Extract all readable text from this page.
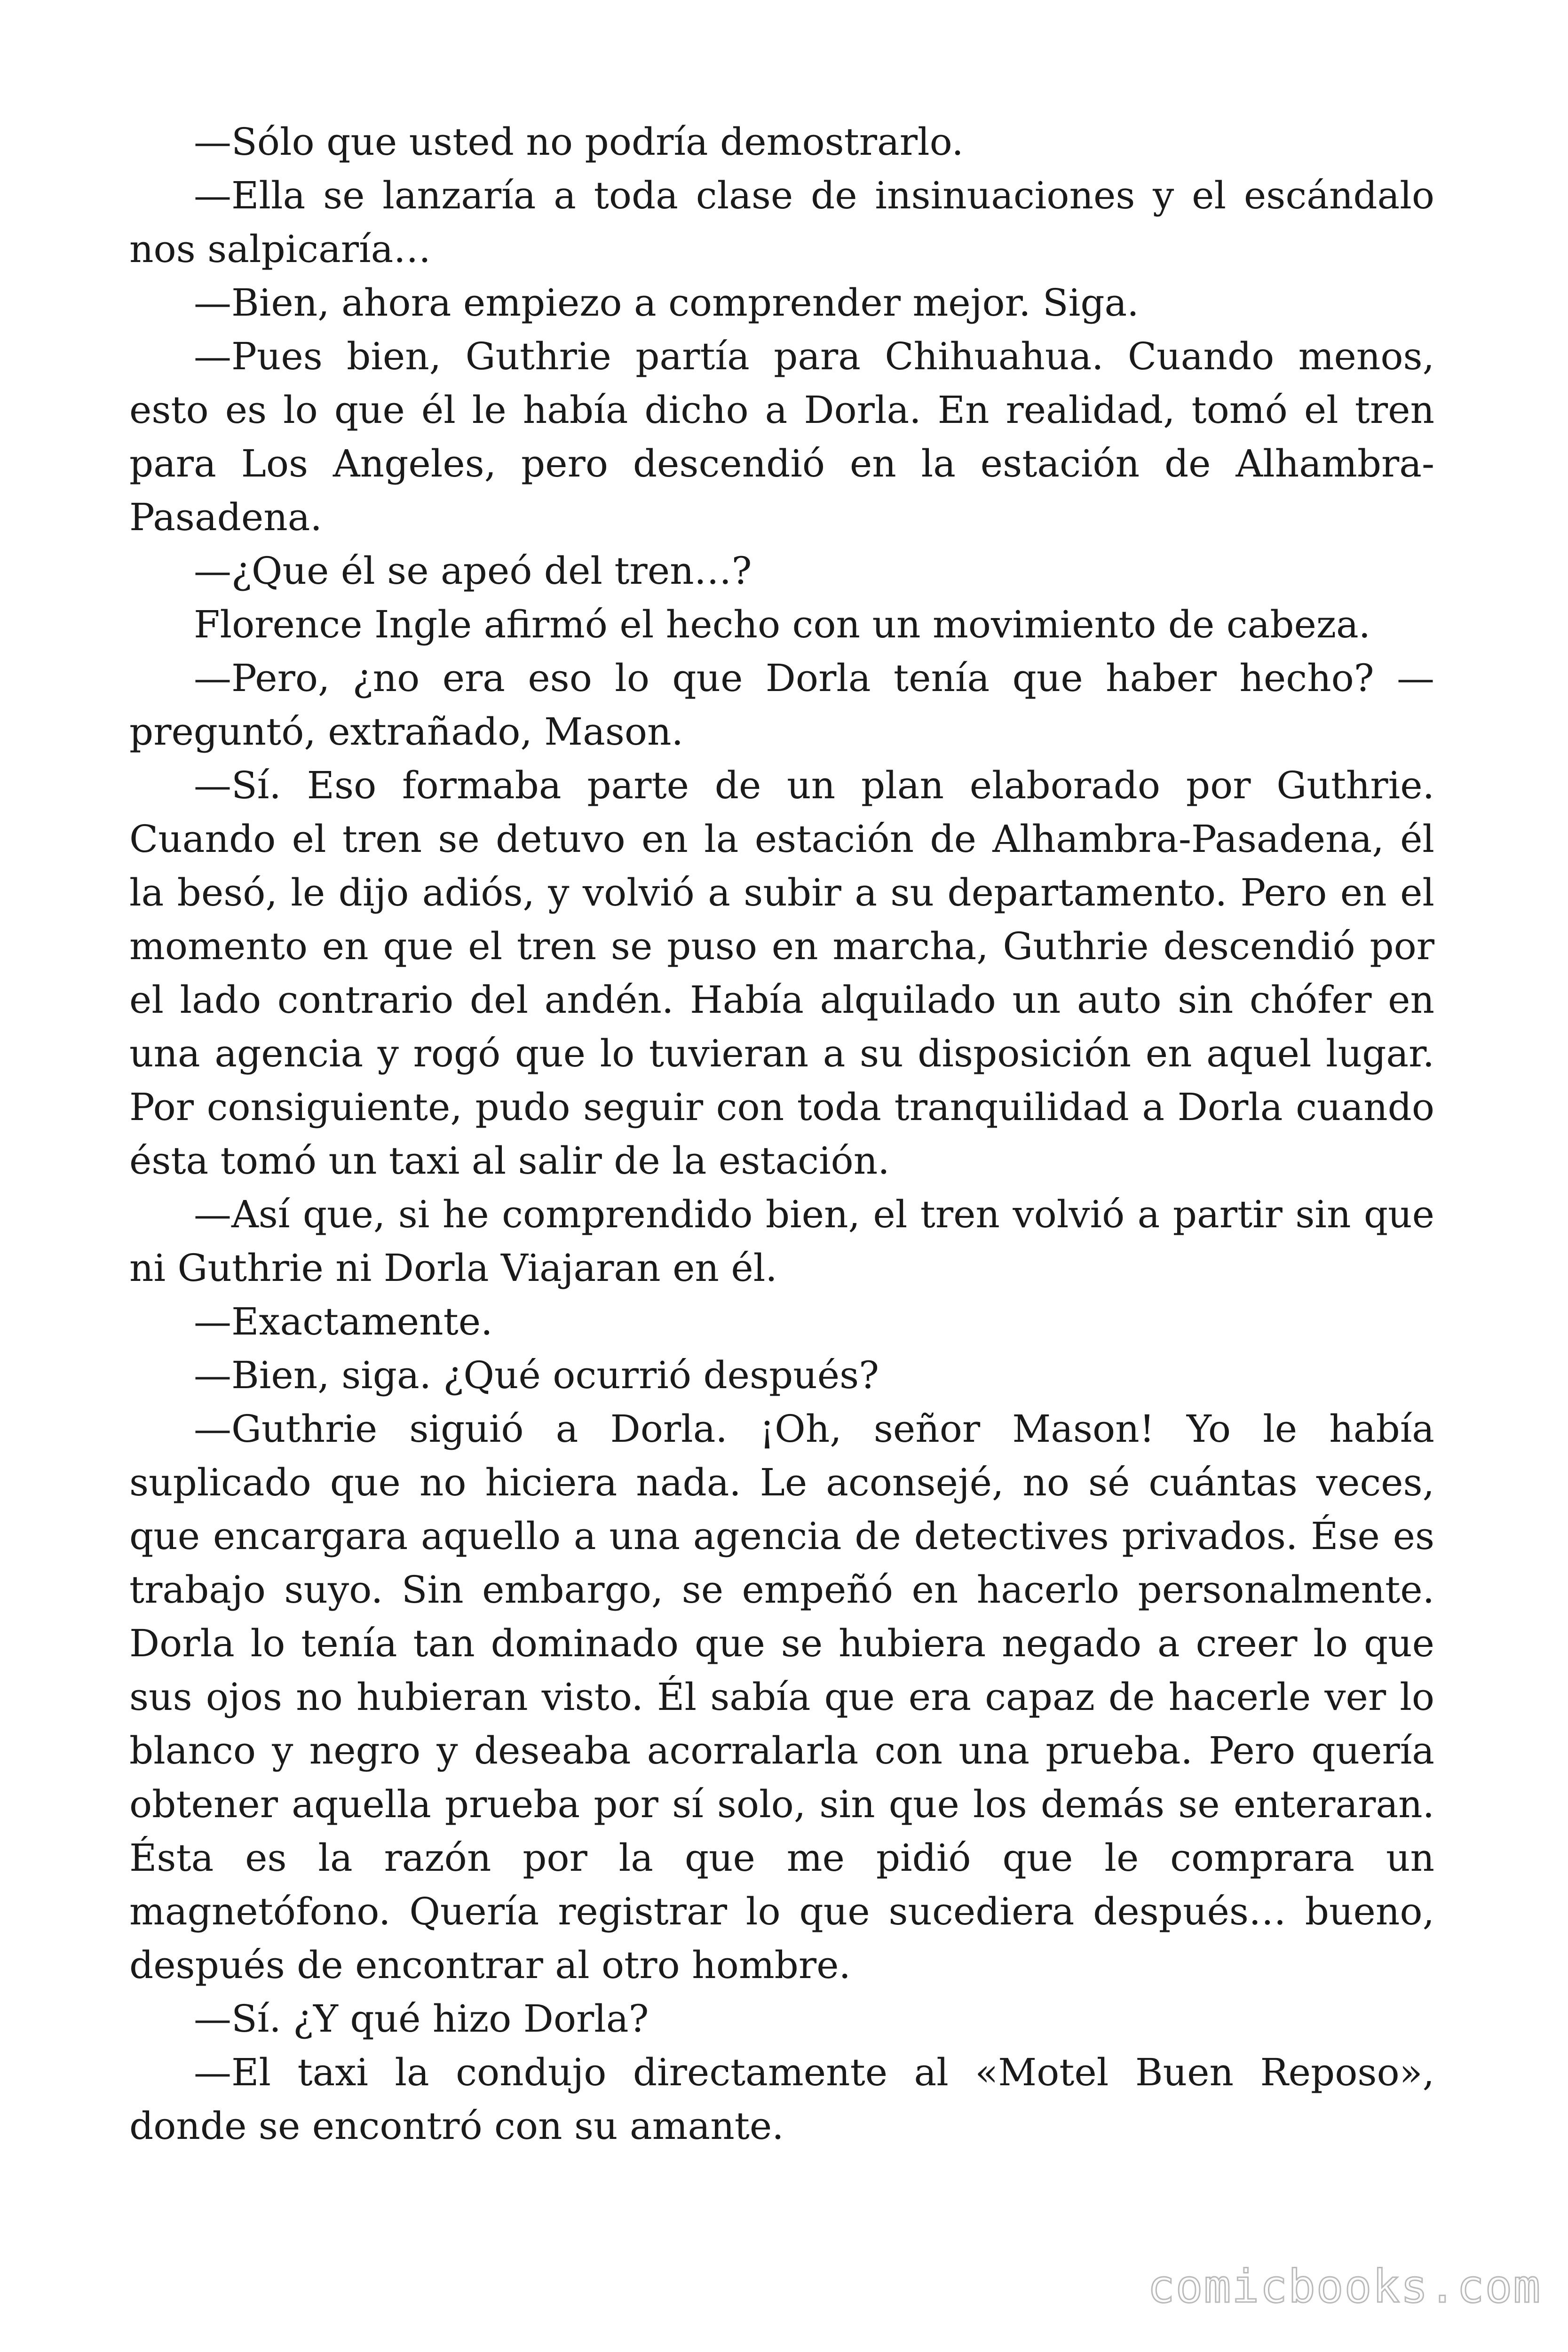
—Sólo que usted no podría demostrarlo.

—Ella se lanzaría a toda clase de insinuaciones y el escándalo nos salpicaría…

—Bien, ahora empiezo a comprender mejor. Siga.

—Pues bien, Guthrie partía para Chihuahua. Cuando menos, esto es lo que él le había dicho a Dorla. En realidad, tomó el tren para Los Angeles, pero descendió en la estación de Alhambra-Pasadena.

—¿Que él se apeó del tren…?

Florence Ingle afirmó el hecho con un movimiento de cabeza.

—Pero, ¿no era eso lo que Dorla tenía que haber hecho? —preguntó, extrañado, Mason.

—Sí. Eso formaba parte de un plan elaborado por Guthrie. Cuando el tren se detuvo en la estación de Alhambra-Pasadena, él la besó, le dijo adiós, y volvió a subir a su departamento. Pero en el momento en que el tren se puso en marcha, Guthrie descendió por el lado contrario del andén. Había alquilado un auto sin chófer en una agencia y rogó que lo tuvieran a su disposición en aquel lugar. Por consiguiente, pudo seguir con toda tranquilidad a Dorla cuando ésta tomó un taxi al salir de la estación.

—Así que, si he comprendido bien, el tren volvió a partir sin que ni Guthrie ni Dorla Viajaran en él.

—Exactamente.

—Bien, siga. ¿Qué ocurrió después?

—Guthrie siguió a Dorla. ¡Oh, señor Mason! Yo le había suplicado que no hiciera nada. Le aconsejé, no sé cuántas veces, que encargara aquello a una agencia de detectives privados. Ése es trabajo suyo. Sin embargo, se empeñó en hacerlo personalmente. Dorla lo tenía tan dominado que se hubiera negado a creer lo que sus ojos no hubieran visto. Él sabía que era capaz de hacerle ver lo blanco y negro y deseaba acorralarla con una prueba. Pero quería obtener aquella prueba por sí solo, sin que los demás se enteraran. Ésta es la razón por la que me pidió que le comprara un magnetófono. Quería registrar lo que sucediera después… bueno, después de encontrar al otro hombre.

—Sí. ¿Y qué hizo Dorla?

—El taxi la condujo directamente al «Motel Buen Reposo», donde se encontró con su amante.

comicbooks.com
